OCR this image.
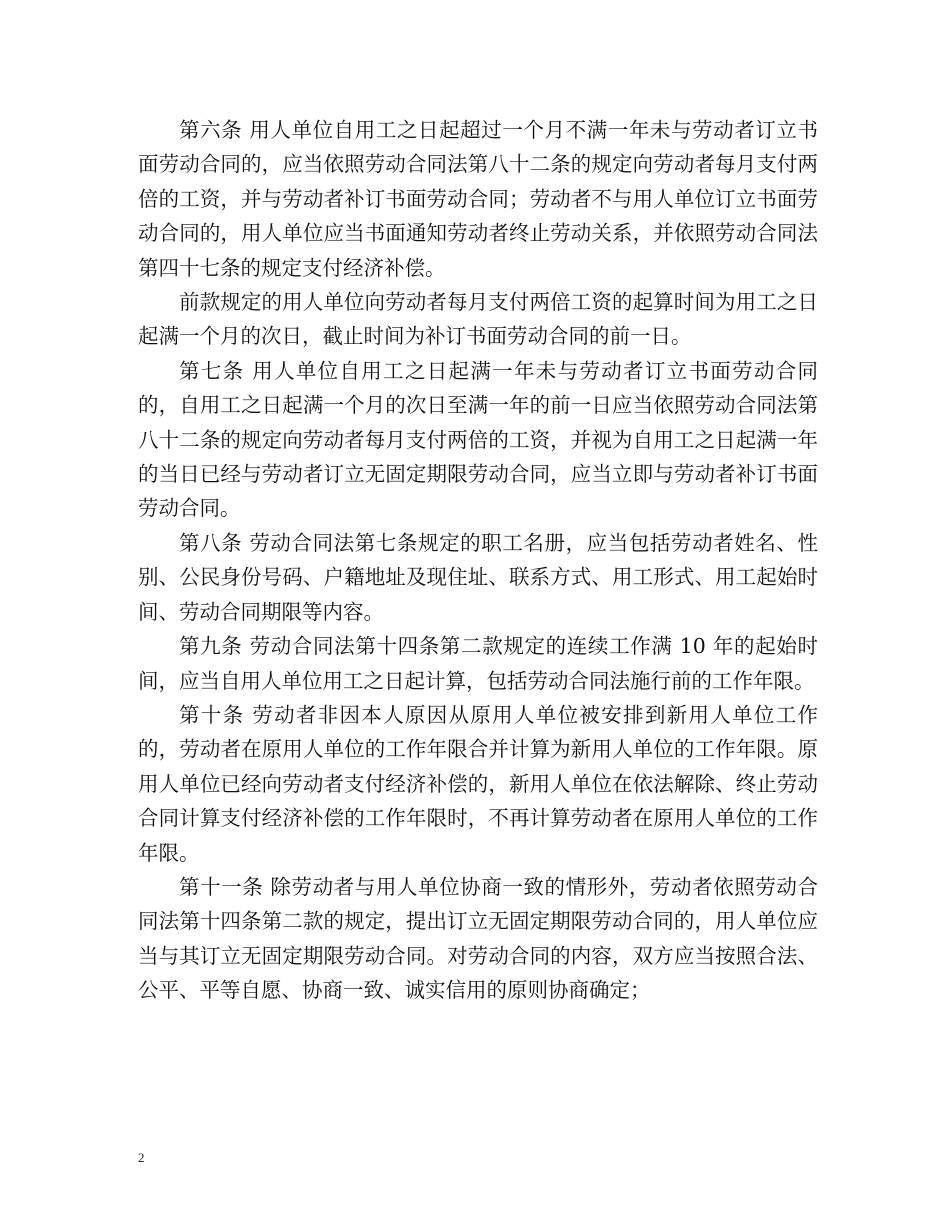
第六条 用人单位自用工之日起超过一个月不满一年未与劳动者订立书面劳动合同的，应当依照劳动合同法第八十二条的规定向劳动者每月支付两倍的工资，并与劳动者补订书面劳动合同；劳动者不与用人单位订立书面劳动合同的，用人单位应当书面通知劳动者终止劳动关系，并依照劳动合同法第四十七条的规定支付经济补偿。

前款规定的用人单位向劳动者每月支付两倍工资的起算时间为用工之日起满一个月的次日，截止时间为补订书面劳动合同的前一日。

第七条 用人单位自用工之日起满一年未与劳动者订立书面劳动合同的，自用工之日起满一个月的次日至满一年的前一日应当依照劳动合同法第八十二条的规定向劳动者每月支付两倍的工资，并视为自用工之日起满一年的当日已经与劳动者订立无固定期限劳动合同，应当立即与劳动者补订书面劳动合同。

第八条 劳动合同法第七条规定的职工名册，应当包括劳动者姓名、性别、公民身份号码、户籍地址及现住址、联系方式、用工形式、用工起始时间、劳动合同期限等内容。

第九条 劳动合同法第十四条第二款规定的连续工作满 10 年的起始时间，应当自用人单位用工之日起计算，包括劳动合同法施行前的工作年限。

第十条 劳动者非因本人原因从原用人单位被安排到新用人单位工作的，劳动者在原用人单位的工作年限合并计算为新用人单位的工作年限。原用人单位已经向劳动者支付经济补偿的，新用人单位在依法解除、终止劳动合同计算支付经济补偿的工作年限时，不再计算劳动者在原用人单位的工作年限。

第十一条 除劳动者与用人单位协商一致的情形外，劳动者依照劳动合同法第十四条第二款的规定，提出订立无固定期限劳动合同的，用人单位应当与其订立无固定期限劳动合同。对劳动合同的内容，双方应当按照合法、公平、平等自愿、协商一致、诚实信用的原则协商确定；

2
